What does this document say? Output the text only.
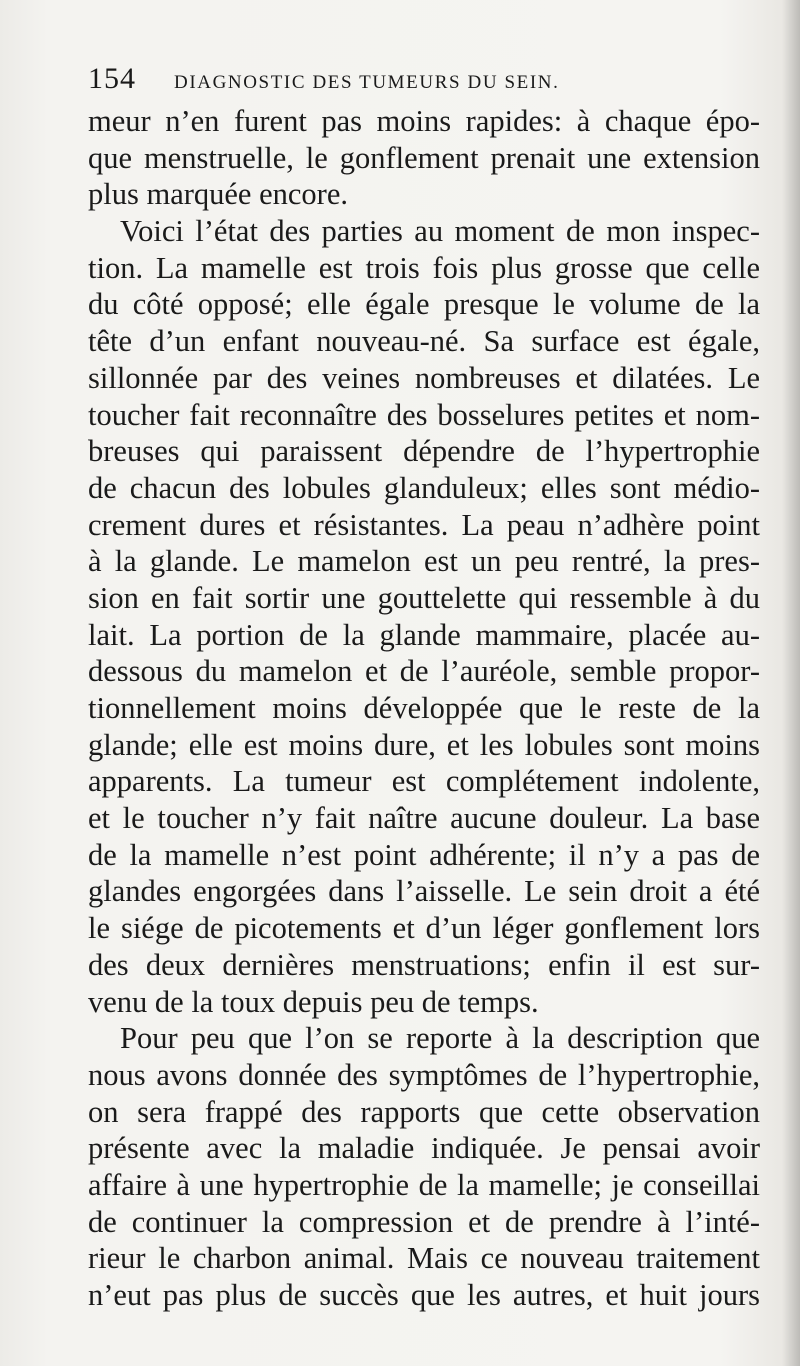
154 DIAGNOSTIC DES TUMEURS DU SEIN.
meur n’en furent pas moins rapides: à chaque épo-
que menstruelle, le gonflement prenait une extension
plus marquée encore.
Voici l’état des parties au moment de mon inspec-
tion. La mamelle est trois fois plus grosse que celle
du côté opposé; elle égale presque le volume de la
tête d’un enfant nouveau-né. Sa surface est égale,
sillonnée par des veines nombreuses et dilatées. Le
toucher fait reconnaître des bosselures petites et nom-
breuses qui paraissent dépendre de l’hypertrophie
de chacun des lobules glanduleux; elles sont médio-
crement dures et résistantes. La peau n’adhère point
à la glande. Le mamelon est un peu rentré, la pres-
sion en fait sortir une gouttelette qui ressemble à du
lait. La portion de la glande mammaire, placée au-
dessous du mamelon et de l’auréole, semble propor-
tionnellement moins développée que le reste de la
glande; elle est moins dure, et les lobules sont moins
apparents. La tumeur est complétement indolente,
et le toucher n’y fait naître aucune douleur. La base
de la mamelle n’est point adhérente; il n’y a pas de
glandes engorgées dans l’aisselle. Le sein droit a été
le siége de picotements et d’un léger gonflement lors
des deux dernières menstruations; enfin il est sur-
venu de la toux depuis peu de temps.
Pour peu que l’on se reporte à la description que
nous avons donnée des symptômes de l’hypertrophie,
on sera frappé des rapports que cette observation
présente avec la maladie indiquée. Je pensai avoir
affaire à une hypertrophie de la mamelle; je conseillai
de continuer la compression et de prendre à l’inté-
rieur le charbon animal. Mais ce nouveau traitement
n’eut pas plus de succès que les autres, et huit jours
